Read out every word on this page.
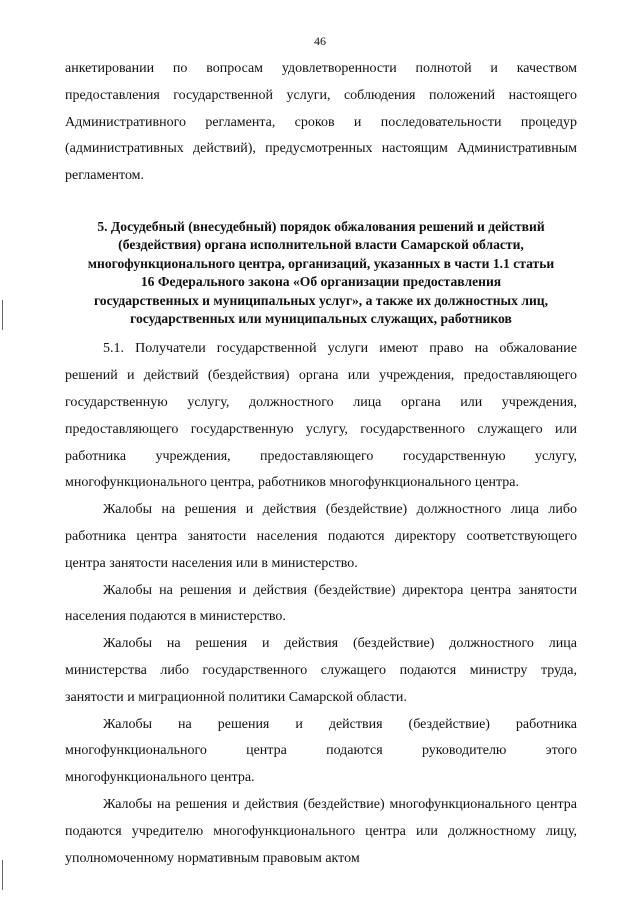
46

анкетировании по вопросам удовлетворенности полнотой и качеством предоставления государственной услуги, соблюдения положений настоящего Административного регламента, сроков и последовательности процедур (административных действий), предусмотренных настоящим Административным регламентом.

5. Досудебный (внесудебный) порядок обжалования решений и действий
(бездействия) органа исполнительной власти Самарской области,
многофункционального центра, организаций, указанных в части 1.1 статьи
16 Федерального закона «Об организации предоставления
государственных и муниципальных услуг», а также их должностных лиц,
государственных или муниципальных служащих, работников

5.1. Получатели государственной услуги имеют право на обжалование решений и действий (бездействия) органа или учреждения, предоставляющего государственную услугу, должностного лица органа или учреждения, предоставляющего государственную услугу, государственного служащего или работника учреждения, предоставляющего государственную услугу, многофункционального центра, работников многофункционального центра.

Жалобы на решения и действия (бездействие) должностного лица либо работника центра занятости населения подаются директору соответствующего центра занятости населения или в министерство.

Жалобы на решения и действия (бездействие) директора центра занятости населения подаются в министерство.

Жалобы на решения и действия (бездействие) должностного лица министерства либо государственного служащего подаются министру труда, занятости и миграционной политики Самарской области.

Жалобы на решения и действия (бездействие) работника многофункционального центра подаются руководителю этого многофункционального центра.

Жалобы на решения и действия (бездействие) многофункционального центра подаются учредителю многофункционального центра или должностному лицу, уполномоченному нормативным правовым актом
